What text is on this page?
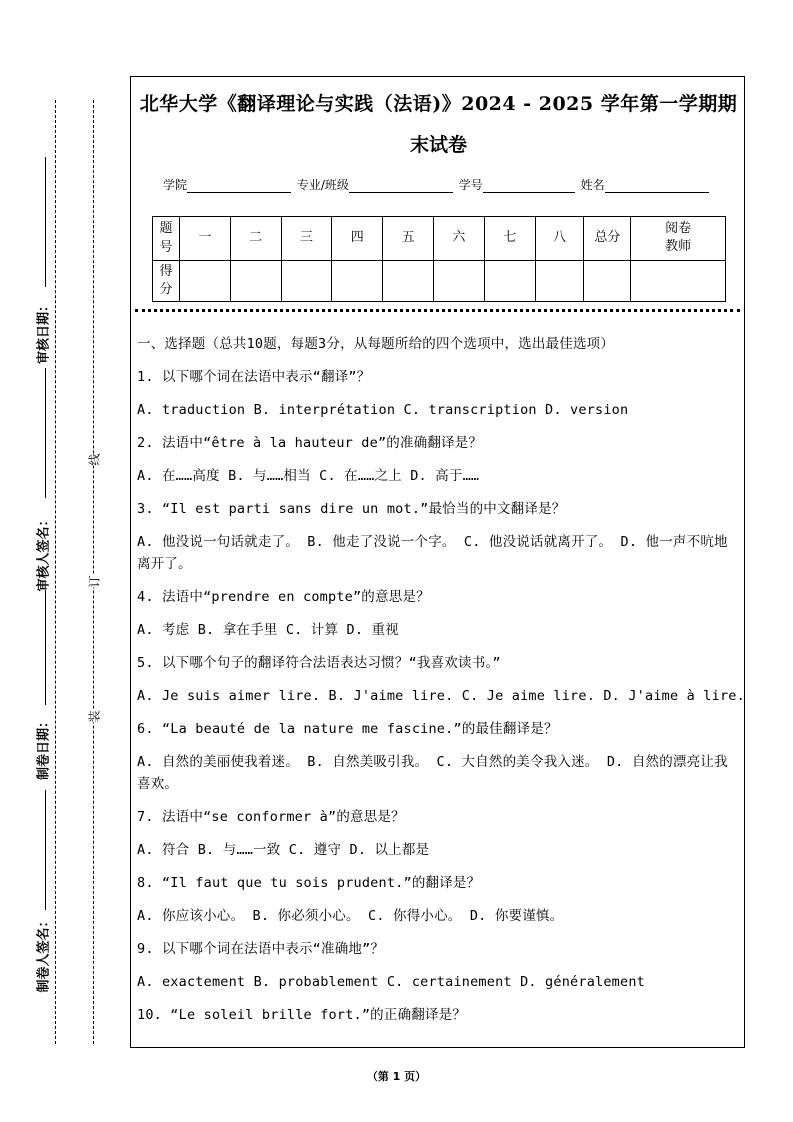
审核日期：
审核人签名：
制卷日期：
制卷人签名：
线
订
装
北华大学《翻译理论与实践（法语)》2024 - 2025 学年第一学期期
末试卷
学院	专业/班级	学号	姓名
题号	一	二	三	四	五	六	七	八	总分	阅卷教师
得分										

一、选择题（总共10题，每题3分，从每题所给的四个选项中，选出最佳选项）

1. 以下哪个词在法语中表示“翻译”？

A. traduction B. interprétation C. transcription D. version

2. 法语中“être à la hauteur de”的准确翻译是？

A. 在……高度 B. 与……相当 C. 在……之上 D. 高于……

3. “Il est parti sans dire un mot.”最恰当的中文翻译是？

A. 他没说一句话就走了。 B. 他走了没说一个字。 C. 他没说话就离开了。 D. 他一声不吭地离开了。

4. 法语中“prendre en compte”的意思是？

A. 考虑 B. 拿在手里 C. 计算 D. 重视

5. 以下哪个句子的翻译符合法语表达习惯？“我喜欢读书。”

A. Je suis aimer lire. B. J'aime lire. C. Je aime lire. D. J'aime à lire.

6. “La beauté de la nature me fascine.”的最佳翻译是？

A. 自然的美丽使我着迷。 B. 自然美吸引我。 C. 大自然的美令我入迷。 D. 自然的漂亮让我喜欢。

7. 法语中“se conformer à”的意思是？

A. 符合 B. 与……一致 C. 遵守 D. 以上都是

8. “Il faut que tu sois prudent.”的翻译是？

A. 你应该小心。 B. 你必须小心。 C. 你得小心。 D. 你要谨慎。

9. 以下哪个词在法语中表示“准确地”？

A. exactement B. probablement C. certainement D. généralement

10. “Le soleil brille fort.”的正确翻译是？

（第 1 页）
